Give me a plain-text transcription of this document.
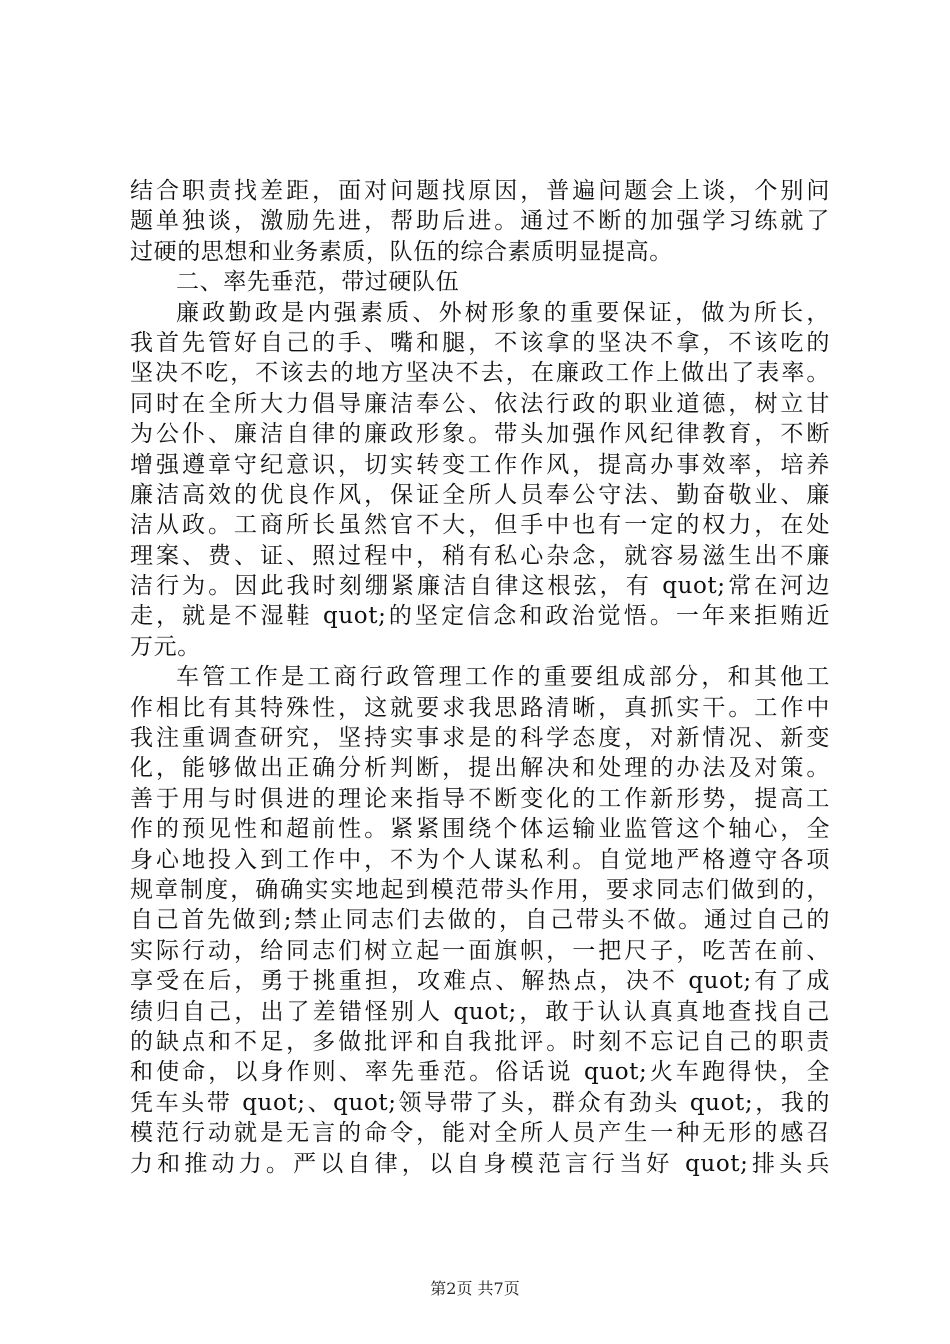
结合职责找差距，面对问题找原因，普遍问题会上谈，个别问
题单独谈，激励先进，帮助后进。通过不断的加强学习练就了
过硬的思想和业务素质，队伍的综合素质明显提高。
二、率先垂范，带过硬队伍
廉政勤政是内强素质、外树形象的重要保证，做为所长，
我首先管好自己的手、嘴和腿，不该拿的坚决不拿，不该吃的
坚决不吃，不该去的地方坚决不去，在廉政工作上做出了表率。
同时在全所大力倡导廉洁奉公、依法行政的职业道德，树立甘
为公仆、廉洁自律的廉政形象。带头加强作风纪律教育，不断
增强遵章守纪意识，切实转变工作作风，提高办事效率，培养
廉洁高效的优良作风，保证全所人员奉公守法、勤奋敬业、廉
洁从政。工商所长虽然官不大，但手中也有一定的权力，在处
理案、费、证、照过程中，稍有私心杂念，就容易滋生出不廉
洁行为。因此我时刻绷紧廉洁自律这根弦，有 quot;常在河边
走，就是不湿鞋 quot;的坚定信念和政治觉悟。一年来拒贿近
万元。
车管工作是工商行政管理工作的重要组成部分，和其他工
作相比有其特殊性，这就要求我思路清晰，真抓实干。工作中
我注重调查研究，坚持实事求是的科学态度，对新情况、新变
化，能够做出正确分析判断，提出解决和处理的办法及对策。
善于用与时俱进的理论来指导不断变化的工作新形势，提高工
作的预见性和超前性。紧紧围绕个体运输业监管这个轴心，全
身心地投入到工作中，不为个人谋私利。自觉地严格遵守各项
规章制度，确确实实地起到模范带头作用，要求同志们做到的，
自己首先做到;禁止同志们去做的，自己带头不做。通过自己的
实际行动，给同志们树立起一面旗帜，一把尺子，吃苦在前、
享受在后，勇于挑重担，攻难点、解热点，决不 quot;有了成
绩归自己，出了差错怪别人 quot;，敢于认认真真地查找自己
的缺点和不足，多做批评和自我批评。时刻不忘记自己的职责
和使命，以身作则、率先垂范。俗话说 quot;火车跑得快，全
凭车头带 quot;、quot;领导带了头，群众有劲头 quot;，我的
模范行动就是无言的命令，能对全所人员产生一种无形的感召
力和推动力。严以自律，以自身模范言行当好 quot;排头兵
第2页 共7页
